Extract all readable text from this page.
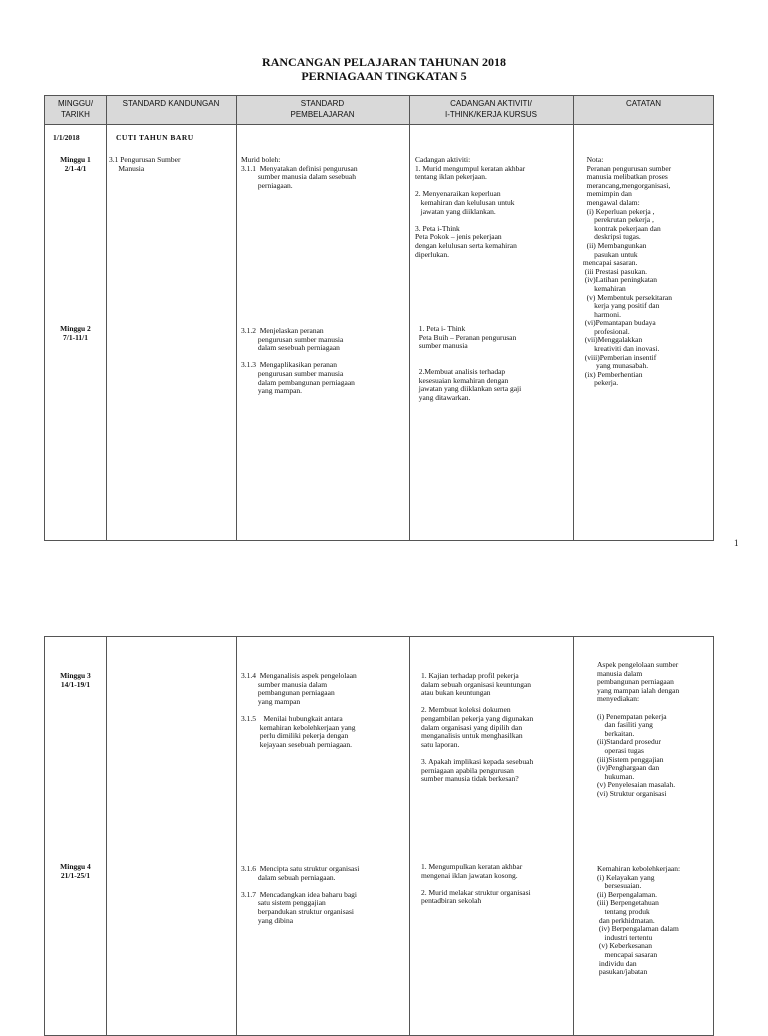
RANCANGAN PELAJARAN TAHUNAN 2018
PERNIAGAAN TINGKATAN 5
MINGGU/
TARIKH
STANDARD KANDUNGAN	STANDARD
PEMBELAJARAN
CADANGAN AKTIVITI/
I-THINK/KERJA KURSUS
CATATAN
1/1/2018	CUTI TAHUN BARU
Minggu 1
2/1-4/1
3.1 Pengurusan Sumber
Manusia
Murid boleh:
3.1.1  Menyatakan definisi pengurusan
sumber manusia dalam sesebuah
perniagaan.
Cadangan aktiviti:
1. Murid mengumpul keratan akhbar
tentang iklan pekerjaan.

2. Menyenaraikan keperluan
kemahiran dan kelulusan untuk
jawatan yang diiklankan.

3. Peta i-Think
Peta Pokok – jenis pekerjaan
dengan kelulusan serta kemahiran
diperlukan.
Nota:
Peranan pengurusan sumber
manusia melibatkan proses
merancang,mengorganisasi,
memimpin dan
mengawal dalam:
(i) Keperluan pekerja ,
perekrutan pekerja ,
kontrak pekerjaan dan
deskripsi tugas.
(ii) Membangunkan
pasukan untuk
mencapai sasaran.
(iii Prestasi pasukan.
(iv)Latihan peningkatan
kemahiran
(v) Membentuk persekitaran
kerja yang positif dan
harmoni.
(vi)Pemantapan budaya
profesional.
(vii)Menggalakkan
kreativiti dan inovasi.
(viii)Pemberian insentif
yang munasabah.
(ix) Pemberhentian
pekerja.
Minggu 2
7/1-11/1
3.1.2  Menjelaskan peranan
pengurusan sumber manusia
dalam sesebuah perniagaan

3.1.3  Mengaplikasikan peranan
pengurusan sumber manusia
dalam pembangunan perniagaan
yang mampan.
1. Peta i- Think
Peta Buih – Peranan pengurusan
sumber manusia

2.Membuat analisis terhadap
kesesuaian kemahiran dengan
jawatan yang diiklankan serta gaji
yang ditawarkan.
1
Minggu 3
14/1-19/1
3.1.4  Menganalisis aspek pengelolaan
sumber manusia dalam
pembangunan perniagaan
yang mampan

3.1.5    Menilai hubungkait antara
kemahiran kebolehkerjaan yang
perlu dimiliki pekerja dengan
kejayaan sesebuah perniagaan.
1. Kajian terhadap profil pekerja
dalam sebuah organisasi keuntungan
atau bukan keuntungan

2. Membuat koleksi dokumen
pengambilan pekerja yang digunakan
dalam organisasi yang dipilih dan
menganalisis untuk menghasilkan
satu laporan.

3. Apakah implikasi kepada sesebuah
perniagaan apabila pengurusan
sumber manusia tidak berkesan?
Aspek pengelolaan sumber
manusia dalam
pembangunan perniagaan
yang mampan ialah dengan
menyediakan:

(i) Penempatan pekerja
dan fasiliti yang
berkaitan.
(ii)Standard prosedur
operasi tugas
(iii)Sistem penggajian
(iv)Penghargaan dan
hukuman.
(v) Penyelesaian masalah.
(vi) Struktur organisasi
Minggu 4
21/1-25/1
3.1.6  Mencipta satu struktur organisasi
dalam sebuah perniagaan.

3.1.7  Mencadangkan idea baharu bagi
satu sistem penggajian
berpandukan struktur organisasi
yang dibina
1. Mengumpulkan keratan akhbar
mengenai iklan jawatan kosong.

2. Murid melakar struktur organisasi
pentadbiran sekolah
Kemahiran kebolehkerjaan:
(i) Kelayakan yang
bersesuaian.
(ii) Berpengalaman.
(iii) Berpengetahuan
tentang produk
dan perkhidmatan.
(iv) Berpengalaman dalam
industri tertentu
(v) Keberkesanan
mencapai sasaran
individu dan
pasukan/jabatan
